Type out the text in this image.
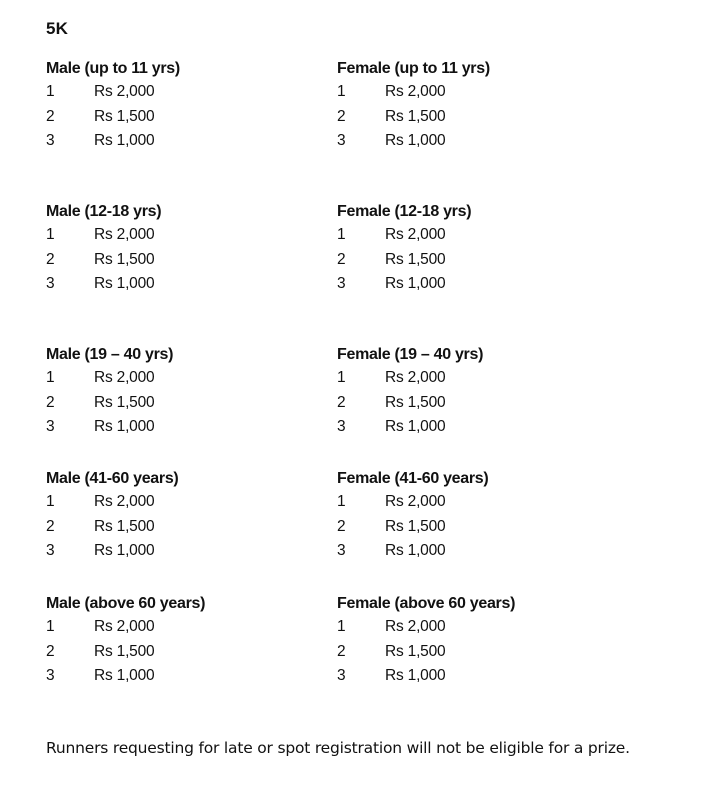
5K
Male (up to 11 yrs)
1	Rs 2,000
2	Rs 1,500
3	Rs 1,000
Female (up to 11 yrs)
1	Rs 2,000
2	Rs 1,500
3	Rs 1,000
Male (12-18 yrs)
1	Rs 2,000
2	Rs 1,500
3	Rs 1,000
Female (12-18 yrs)
1	Rs 2,000
2	Rs 1,500
3	Rs 1,000
Male (19 – 40 yrs)
1	Rs 2,000
2	Rs 1,500
3	Rs 1,000
Female (19 – 40 yrs)
1	Rs 2,000
2	Rs 1,500
3	Rs 1,000
Male (41-60 years)
1	Rs 2,000
2	Rs 1,500
3	Rs 1,000
Female (41-60 years)
1	Rs 2,000
2	Rs 1,500
3	Rs 1,000
Male (above 60 years)
1	Rs 2,000
2	Rs 1,500
3	Rs 1,000
Female (above 60 years)
1	Rs 2,000
2	Rs 1,500
3	Rs 1,000
Runners requesting for late or spot registration will not be eligible for a prize.
